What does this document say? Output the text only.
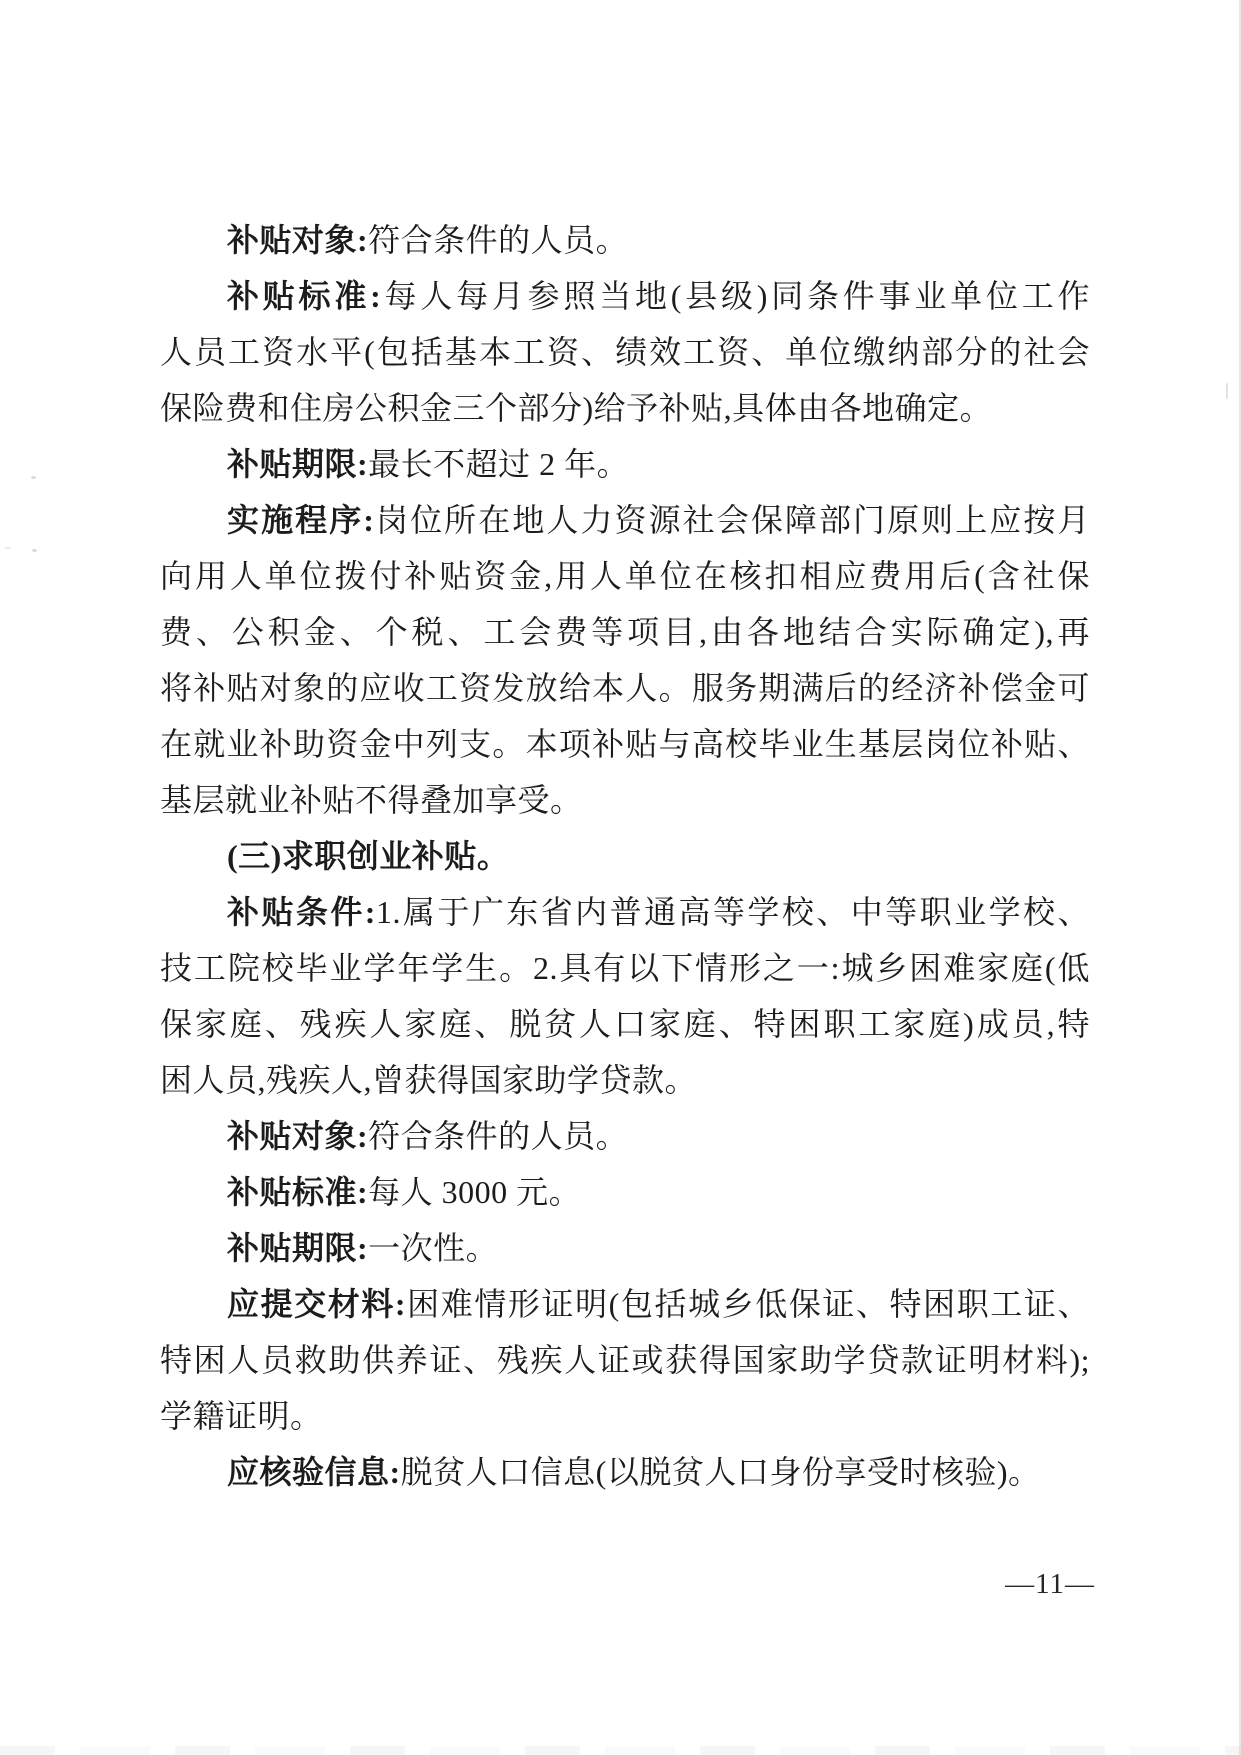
补贴对象:符合条件的人员。
补贴标准:每人每月参照当地(县级)同条件事业单位工作
人员工资水平(包括基本工资、绩效工资、单位缴纳部分的社会
保险费和住房公积金三个部分)给予补贴,具体由各地确定。
补贴期限:最长不超过 2 年。
实施程序:岗位所在地人力资源社会保障部门原则上应按月
向用人单位拨付补贴资金,用人单位在核扣相应费用后(含社保
费、公积金、个税、工会费等项目,由各地结合实际确定),再
将补贴对象的应收工资发放给本人。服务期满后的经济补偿金可
在就业补助资金中列支。本项补贴与高校毕业生基层岗位补贴、
基层就业补贴不得叠加享受。
(三)求职创业补贴。
补贴条件:1.属于广东省内普通高等学校、中等职业学校、
技工院校毕业学年学生。2.具有以下情形之一:城乡困难家庭(低
保家庭、残疾人家庭、脱贫人口家庭、特困职工家庭)成员,特
困人员,残疾人,曾获得国家助学贷款。
补贴对象:符合条件的人员。
补贴标准:每人 3000 元。
补贴期限:一次性。
应提交材料:困难情形证明(包括城乡低保证、特困职工证、
特困人员救助供养证、残疾人证或获得国家助学贷款证明材料);
学籍证明。
应核验信息:脱贫人口信息(以脱贫人口身份享受时核验)。
—11—
